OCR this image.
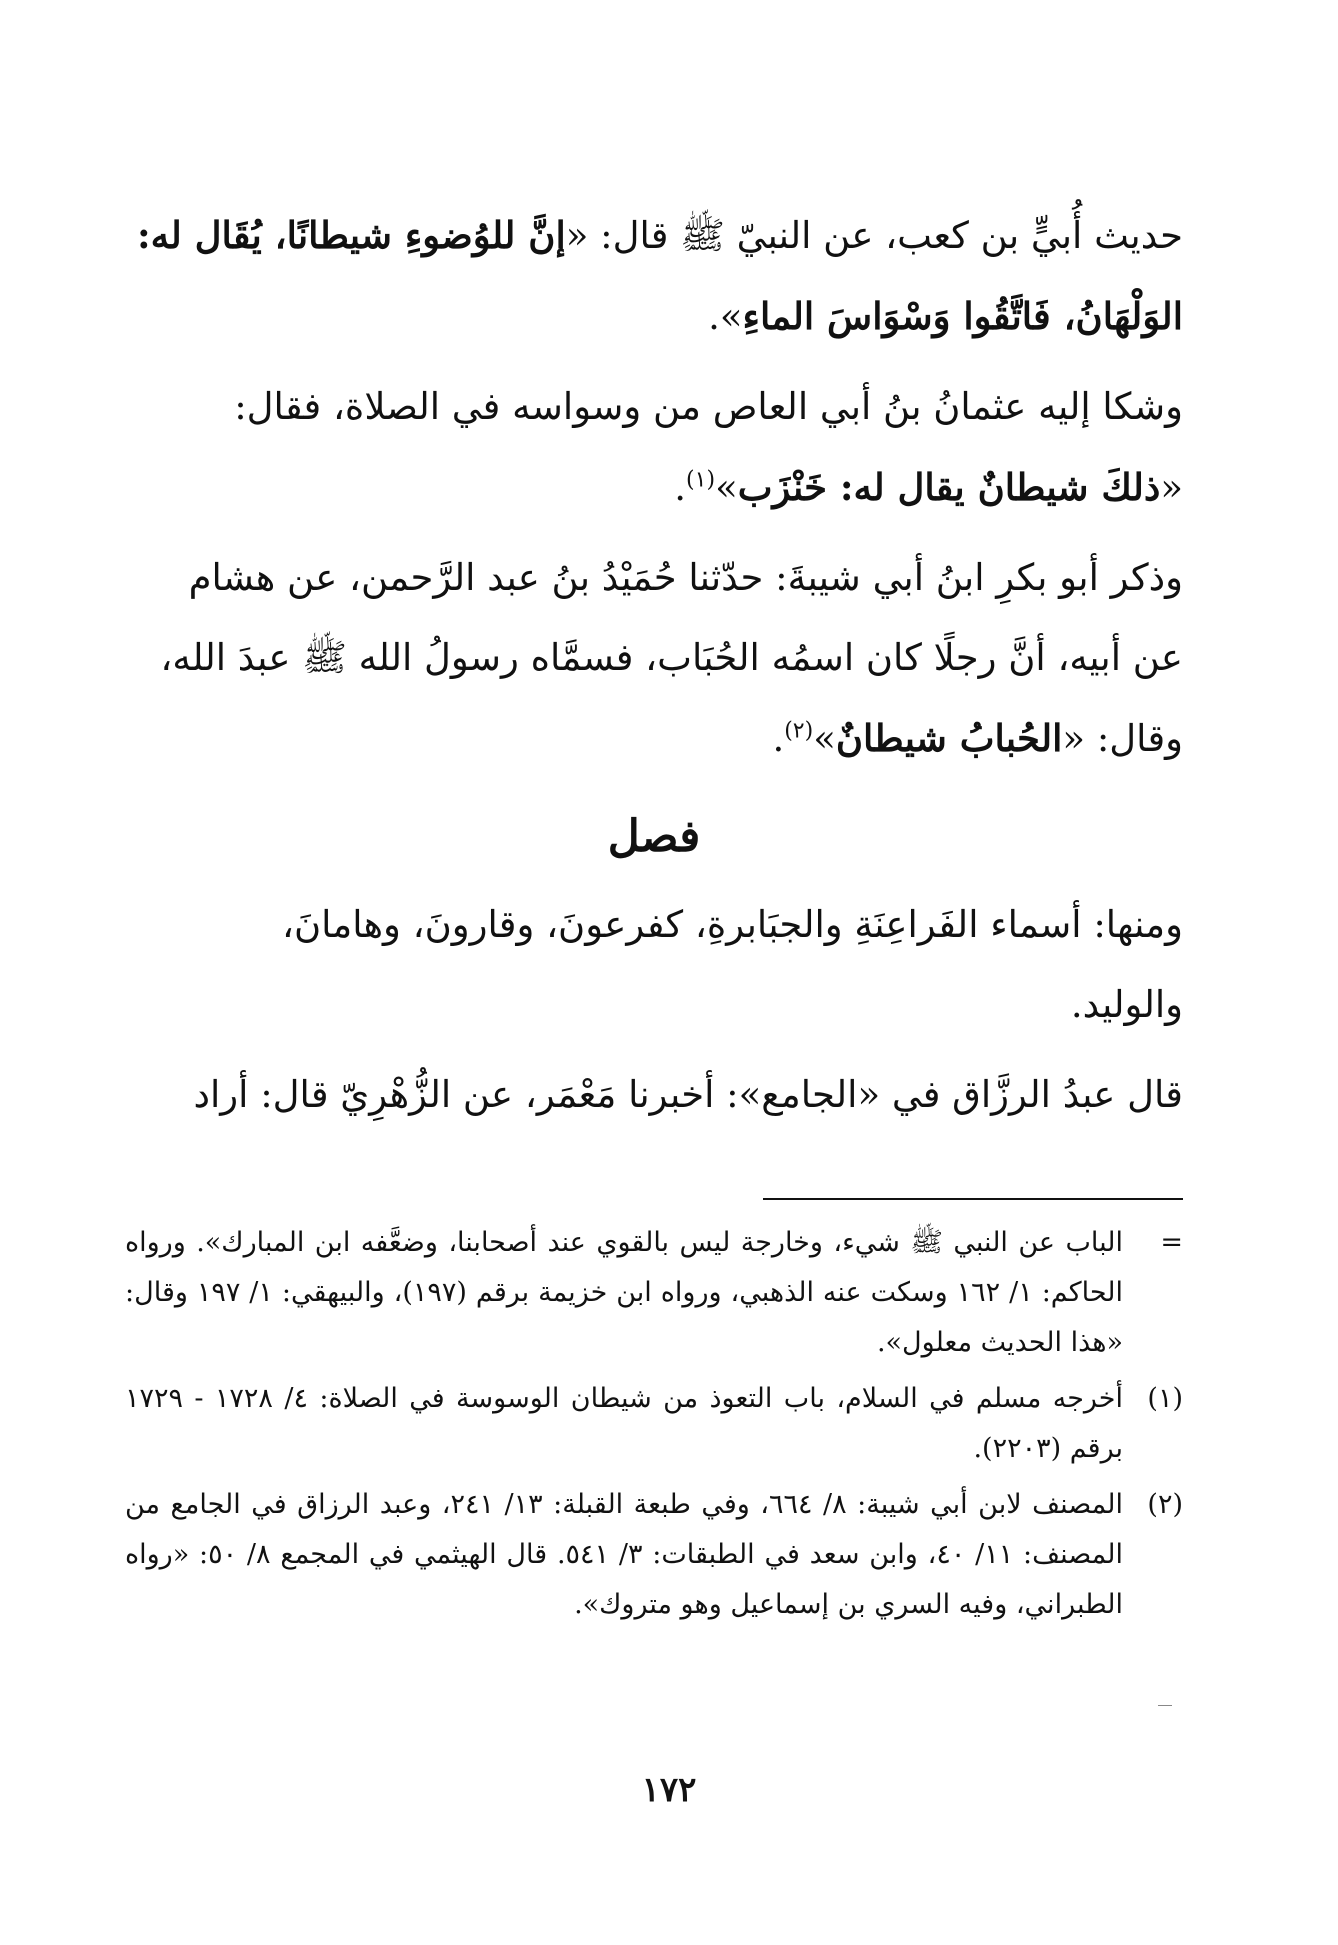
حديث أُبيٍّ بن كعب، عن النبيّ ﷺ قال: «إنَّ للوُضوءِ شيطانًا، يُقَال له:
الوَلْهَانُ، فَاتَّقُوا وَسْوَاسَ الماءِ».

وشكا إليه عثمانُ بنُ أبي العاص من وسواسه في الصلاة، فقال:
«ذلكَ شيطانٌ يقال له: خَنْزَب»$^{(١)}$.

وذكر أبو بكرِ ابنُ أبي شيبةَ: حدّثنا حُمَيْدُ بنُ عبد الرَّحمن، عن هشام
عن أبيه، أنَّ رجلًا كان اسمُه الحُبَاب، فسمَّاه رسولُ الله ﷺ عبدَ الله،
وقال: «الحُبابُ شيطانٌ»$^{(٢)}$.

فصل

ومنها: أسماء الفَراعِنَةِ والجبَابرةِ، كفرعونَ، وقارونَ، وهامانَ،
والوليد.

قال عبدُ الرزَّاق في «الجامع»: أخبرنا مَعْمَر، عن الزُّهْرِيّ قال: أراد

=
الباب عن النبي ﷺ شيء، وخارجة ليس بالقوي عند أصحابنا، وضعَّفه ابن المبارك». ورواه الحاكم: ١/ ١٦٢ وسكت عنه الذهبي، ورواه ابن خزيمة برقم (١٩٧)، والبيهقي: ١/ ١٩٧ وقال: «هذا الحديث معلول».
(١)
أخرجه مسلم في السلام، باب التعوذ من شيطان الوسوسة في الصلاة: ٤/ ١٧٢٨ - ١٧٢٩ برقم (٢٢٠٣).
(٢)
المصنف لابن أبي شيبة: ٨/ ٦٦٤، وفي طبعة القبلة: ١٣/ ٢٤١، وعبد الرزاق في الجامع من المصنف: ١١/ ٤٠، وابن سعد في الطبقات: ٣/ ٥٤١. قال الهيثمي في المجمع ٨/ ٥٠: «رواه الطبراني، وفيه السري بن إسماعيل وهو متروك».
١٧٢
